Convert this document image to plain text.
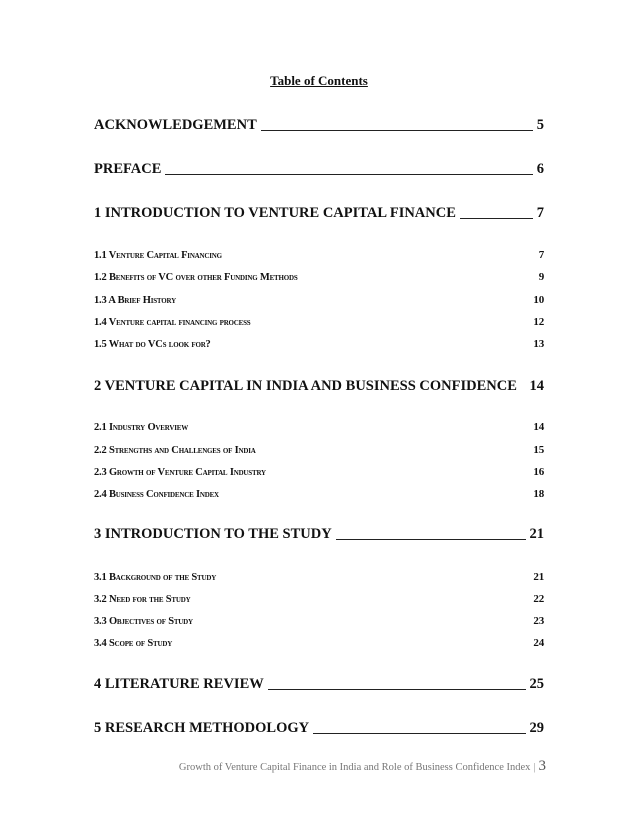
Table of Contents
ACKNOWLEDGEMENT	5
PREFACE	6
1 INTRODUCTION TO VENTURE CAPITAL FINANCE	7
1.1 Venture Capital Financing	7
1.2 Benefits of VC over other Funding Methods	9
1.3 A Brief History	10
1.4 Venture capital financing process	12
1.5 What do VCs look for?	13
2 VENTURE CAPITAL IN INDIA AND BUSINESS CONFIDENCE 14
2.1 Industry Overview	14
2.2 Strengths and Challenges of India	15
2.3 Growth of Venture Capital Industry	16
2.4 Business Confidence Index	18
3 INTRODUCTION TO THE STUDY	21
3.1 Background of the Study	21
3.2 Need for the Study	22
3.3 Objectives of Study	23
3.4 Scope of Study	24
4 LITERATURE REVIEW	25
5 RESEARCH METHODOLOGY	29
Growth of Venture Capital Finance in India and Role of Business Confidence Index | 3
